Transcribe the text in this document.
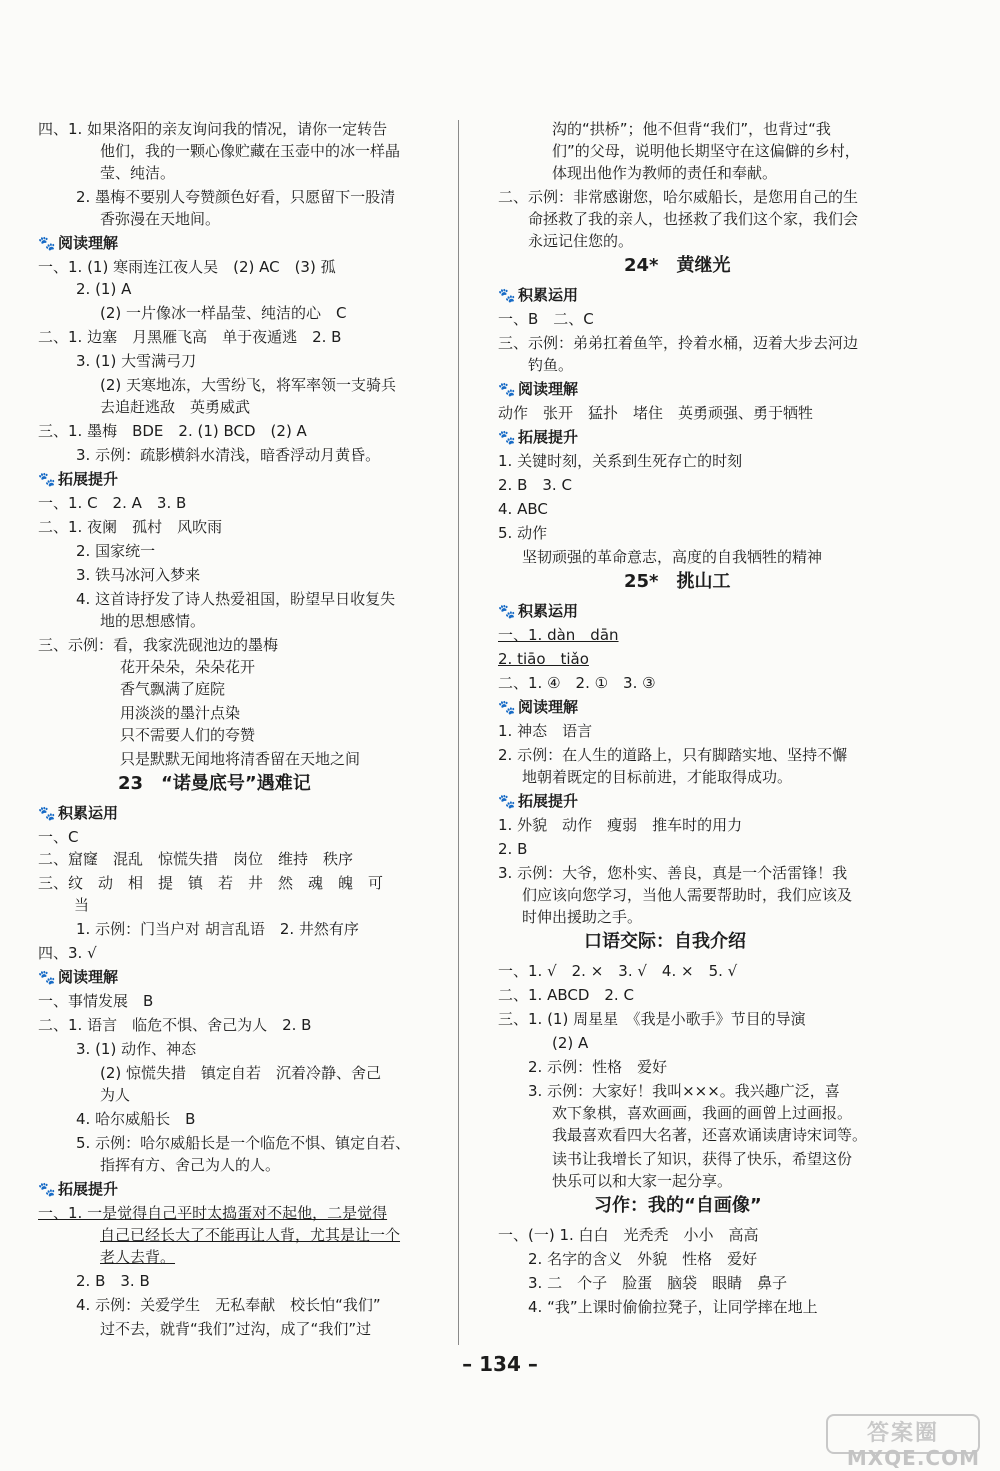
四、1. 如果洛阳的亲友询问我的情况，请你一定转告
他们，我的一颗心像贮藏在玉壶中的冰一样晶
莹、纯洁。
2. 墨梅不要别人夸赞颜色好看，只愿留下一股清
香弥漫在天地间。
🐾 阅读理解
一、1. (1) 寒雨连江夜人吴　(2) AC　(3) 孤
2. (1) A
(2) 一片像冰一样晶莹、纯洁的心　C
二、1. 边塞　月黑雁飞高　单于夜遁逃　2. B
3. (1) 大雪满弓刀
(2) 天寒地冻，大雪纷飞，将军率领一支骑兵
去追赶逃敌　英勇威武
三、1. 墨梅　BDE　2. (1) BCD　(2) A
3. 示例：疏影横斜水清浅，暗香浮动月黄昏。
🐾 拓展提升
一、1. C　2. A　3. B
二、1. 夜阑　孤村　风吹雨
2. 国家统一
3. 铁马冰河入梦来
4. 这首诗抒发了诗人热爱祖国，盼望早日收复失
地的思想感情。
三、示例：看，我家洗砚池边的墨梅
花开朵朵，朵朵花开
香气飘满了庭院
用淡淡的墨汁点染
只不需要人们的夸赞
只是默默无闻地将清香留在天地之间
23　“诺曼底号”遇难记
🐾 积累运用
一、C
二、窟窿　混乱　惊慌失措　岗位　维持　秩序
三、纹　动　相　提　镇　若　井　然　魂　魄　可
当
1. 示例：门当户对 胡言乱语　2. 井然有序
四、3. √
🐾 阅读理解
一、事情发展　B
二、1. 语言　临危不惧、舍己为人　2. B
3. (1) 动作、神态
(2) 惊慌失措　镇定自若　沉着冷静、舍己
为人
4. 哈尔威船长　B
5. 示例：哈尔威船长是一个临危不惧、镇定自若、
指挥有方、舍己为人的人。
🐾 拓展提升
一、1. 一是觉得自己平时太捣蛋对不起他，二是觉得
自己已经长大了不能再让人背，尤其是让一个
老人去背。
2. B　3. B
4. 示例：关爱学生　无私奉献　校长怕“我们”
过不去，就背“我们”过沟，成了“我们”过
沟的“拱桥”；他不但背“我们”，也背过“我
们”的父母，说明他长期坚守在这偏僻的乡村，
体现出他作为教师的责任和奉献。
二、示例：非常感谢您，哈尔威船长，是您用自己的生
命拯救了我的亲人，也拯救了我们这个家，我们会
永远记住您的。
24*　黄继光
🐾 积累运用
一、B　二、C
三、示例：弟弟扛着鱼竿，拎着水桶，迈着大步去河边
钓鱼。
🐾 阅读理解
动作　张开　猛扑　堵住　英勇顽强、勇于牺牲
🐾 拓展提升
1. 关键时刻，关系到生死存亡的时刻
2. B　3. C
4. ABC
5. 动作
坚韧顽强的革命意志，高度的自我牺牲的精神
25*　挑山工
🐾 积累运用
一、1. dàn　dān
2. tiāo　tiǎo
二、1. ④　2. ①　3. ③
🐾 阅读理解
1. 神态　语言
2. 示例：在人生的道路上，只有脚踏实地、坚持不懈
地朝着既定的目标前进，才能取得成功。
🐾 拓展提升
1. 外貌　动作　瘦弱　推车时的用力
2. B
3. 示例：大爷，您朴实、善良，真是一个活雷锋！我
们应该向您学习，当他人需要帮助时，我们应该及
时伸出援助之手。
口语交际：自我介绍
一、1. √　2. ×　3. √　4. ×　5. √
二、1. ABCD　2. C
三、1. (1) 周星星　《我是小歌手》节目的导演
(2) A
2. 示例：性格　爱好
3. 示例：大家好！我叫×××。我兴趣广泛，喜
欢下象棋，喜欢画画，我画的画曾上过画报。
我最喜欢看四大名著，还喜欢诵读唐诗宋词等。
读书让我增长了知识，获得了快乐，希望这份
快乐可以和大家一起分享。
习作：我的“自画像”
一、(一) 1. 白白　光秃秃　小小　高高
2. 名字的含义　外貌　性格　爱好
3. 二　个子　脸蛋　脑袋　眼睛　鼻子
4. “我”上课时偷偷拉凳子，让同学摔在地上
– 134 –
答案圈
MXQE.COM
